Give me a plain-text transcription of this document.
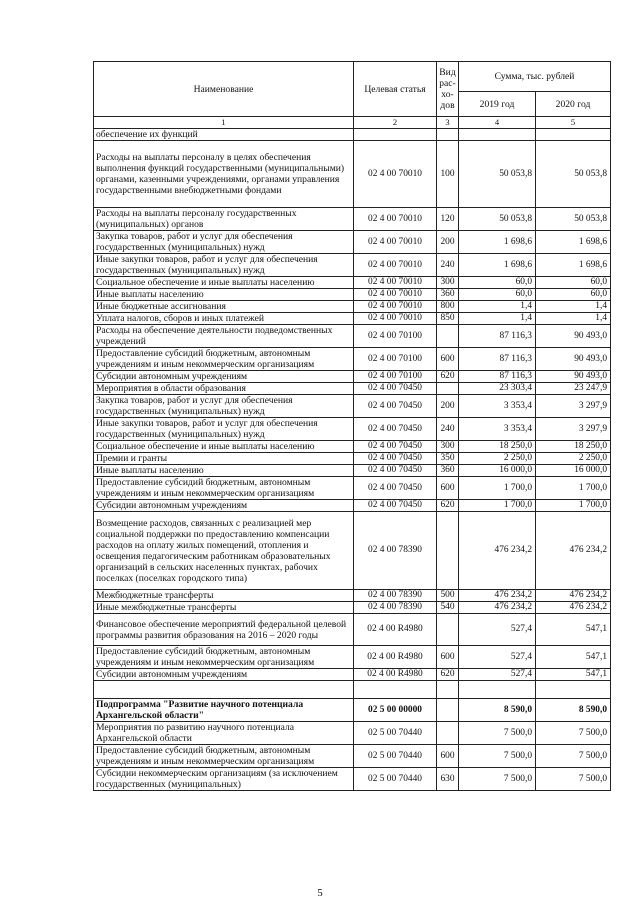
Наименование	Целевая статья	Вид рас-хо-дов	Сумма, тыс. рублей	
			2019 год	2020 год
1	2	3	4	5
обеспечение их функций				
Расходы на выплаты персоналу в целях обеспечения выполнения функций государственными (муниципальными) органами, казенными учреждениями, органами управления государственными внебюджетными фондами	02 4 00 70010	100	50 053,8	50 053,8
Расходы на выплаты персоналу государственных (муниципальных) органов	02 4 00 70010	120	50 053,8	50 053,8
Закупка товаров, работ и услуг для обеспечения государственных (муниципальных) нужд	02 4 00 70010	200	1 698,6	1 698,6
Иные закупки товаров, работ и услуг для обеспечения государственных (муниципальных) нужд	02 4 00 70010	240	1 698,6	1 698,6
Социальное обеспечение и иные выплаты населению	02 4 00 70010	300	60,0	60,0
Иные выплаты населению	02 4 00 70010	360	60,0	60,0
Иные бюджетные ассигнования	02 4 00 70010	800	1,4	1,4
Уплата налогов, сборов и иных платежей	02 4 00 70010	850	1,4	1,4
Расходы на обеспечение деятельности подведомственных учреждений	02 4 00 70100		87 116,3	90 493,0
Предоставление субсидий бюджетным, автономным учреждениям и иным некоммерческим организациям	02 4 00 70100	600	87 116,3	90 493,0
Субсидии автономным учреждениям	02 4 00 70100	620	87 116,3	90 493,0
Мероприятия в области образования	02 4 00 70450		23 303,4	23 247,9
Закупка товаров, работ и услуг для обеспечения государственных (муниципальных) нужд	02 4 00 70450	200	3 353,4	3 297,9
Иные закупки товаров, работ и услуг для обеспечения государственных (муниципальных) нужд	02 4 00 70450	240	3 353,4	3 297,9
Социальное обеспечение и иные выплаты населению	02 4 00 70450	300	18 250,0	18 250,0
Премии и гранты	02 4 00 70450	350	2 250,0	2 250,0
Иные выплаты населению	02 4 00 70450	360	16 000,0	16 000,0
Предоставление субсидий бюджетным, автономным учреждениям и иным некоммерческим организациям	02 4 00 70450	600	1 700,0	1 700,0
Субсидии автономным учреждениям	02 4 00 70450	620	1 700,0	1 700,0
Возмещение расходов, связанных с реализацией мер социальной поддержки по предоставлению компенсации расходов на оплату жилых помещений, отопления и освещения педагогическим работникам образовательных организаций в сельских населенных пунктах, рабочих поселках (поселках городского типа)	02 4 00 78390		476 234,2	476 234,2
Межбюджетные трансферты	02 4 00 78390	500	476 234,2	476 234,2
Иные межбюджетные трансферты	02 4 00 78390	540	476 234,2	476 234,2
Финансовое обеспечение мероприятий федеральной целевой программы развития образования на 2016 – 2020 годы	02 4 00 R4980		527,4	547,1
Предоставление субсидий бюджетным, автономным учреждениям и иным некоммерческим организациям	02 4 00 R4980	600	527,4	547,1
Субсидии автономным учреждениям	02 4 00 R4980	620	527,4	547,1

Подпрограмма "Развитие научного потенциала Архангельской области"	02 5 00 00000		8 590,0	8 590,0
Мероприятия по развитию научного потенциала Архангельской области	02 5 00 70440		7 500,0	7 500,0
Предоставление субсидий бюджетным, автономным учреждениям и иным некоммерческим организациям	02 5 00 70440	600	7 500,0	7 500,0
Субсидии некоммерческим организациям (за исключением государственных (муниципальных)	02 5 00 70440	630	7 500,0	7 500,0
5
